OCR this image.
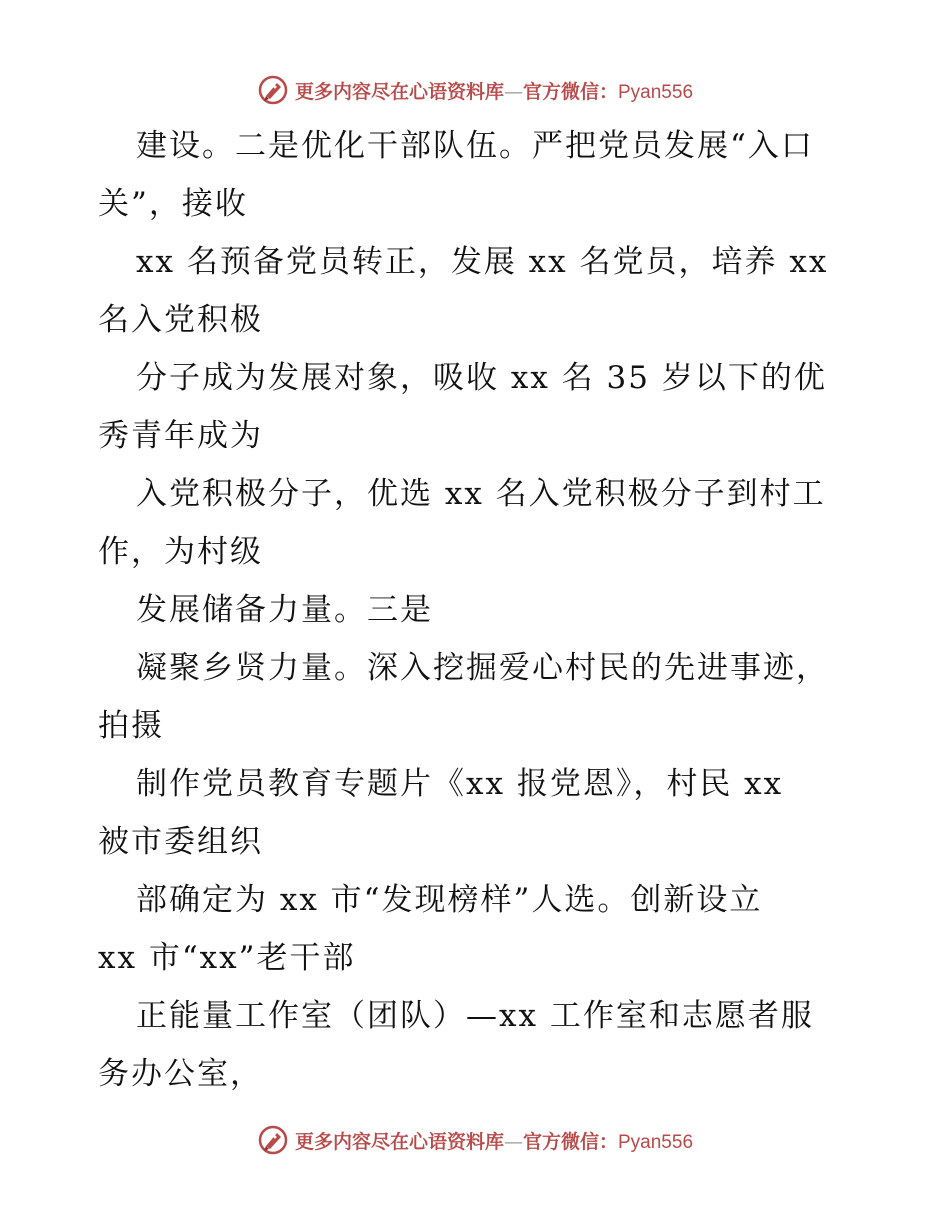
更多内容尽在心语资料库—官方微信：Pyan556
建设。二是优化干部队伍。严把党员发展“入口
关”，接收
xx 名预备党员转正，发展 xx 名党员，培养 xx
名入党积极
分子成为发展对象，吸收 xx 名 35 岁以下的优
秀青年成为
入党积极分子，优选 xx 名入党积极分子到村工
作，为村级
发展储备力量。三是
凝聚乡贤力量。深入挖掘爱心村民的先进事迹，
拍摄
制作党员教育专题片《xx 报党恩》，村民 xx
被市委组织
部确定为 xx 市“发现榜样”人选。创新设立
xx 市“xx”老干部
正能量工作室（团队）—xx 工作室和志愿者服
务办公室，
更多内容尽在心语资料库—官方微信：Pyan556
